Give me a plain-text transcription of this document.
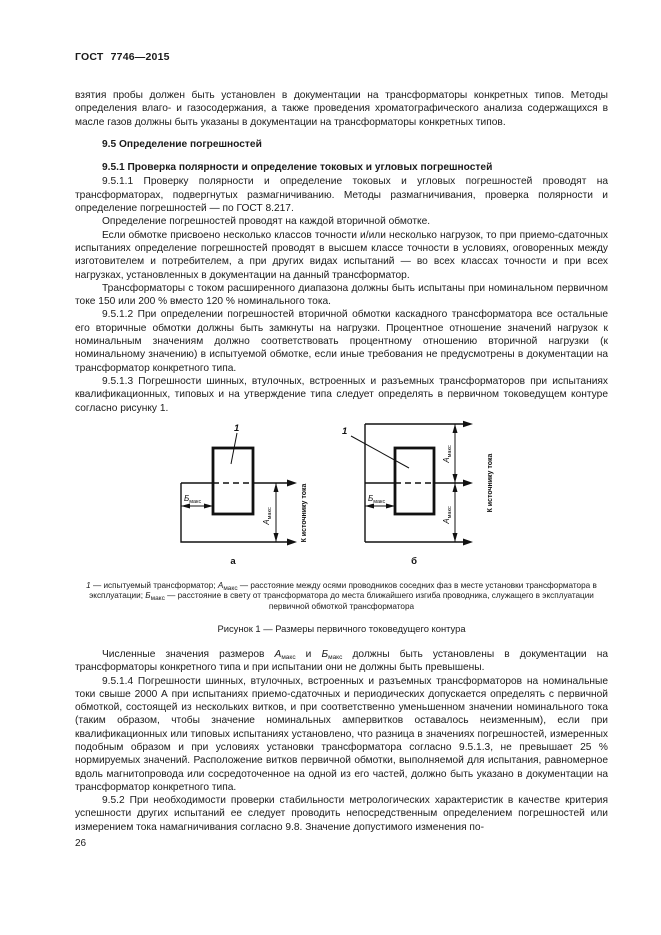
ГОСТ 7746—2015

взятия пробы должен быть установлен в документации на трансформаторы конкретных типов. Методы определения влаго- и газосодержания, а также проведения хроматографического анализа содержащихся в масле газов должны быть указаны в документации на трансформаторы конкретных типов.

9.5 Определение погрешностей

9.5.1 Проверка полярности и определение токовых и угловых погрешностей

9.5.1.1 Проверку полярности и определение токовых и угловых погрешностей проводят на трансформаторах, подвергнутых размагничиванию. Методы размагничивания, проверка полярности и определение погрешностей — по ГОСТ 8.217.

Определение погрешностей проводят на каждой вторичной обмотке.

Если обмотке присвоено несколько классов точности и/или несколько нагрузок, то при приемо-сдаточных испытаниях определение погрешностей проводят в высшем классе точности в условиях, оговоренных между изготовителем и потребителем, а при других видах испытаний — во всех классах точности и при всех нагрузках, установленных в документации на данный трансформатор.

Трансформаторы с током расширенного диапазона должны быть испытаны при номинальном первичном токе 150 или 200 % вместо 120 % номинального тока.

9.5.1.2 При определении погрешностей вторичной обмотки каскадного трансформатора все остальные его вторичные обмотки должны быть замкнуты на нагрузки. Процентное отношение значений нагрузок к номинальным значениям должно соответствовать процентному отношению вторичной нагрузки (к номинальному значению) в испытуемой обмотке, если иные требования не предусмотрены в документации на трансформатор конкретного типа.

9.5.1.3 Погрешности шинных, втулочных, встроенных и разъемных трансформаторов при испытаниях квалификационных, типовых и на утверждение типа следует определять в первичном токоведущем контуре согласно рисунку 1.

$Б_{макс}$
$А_{макс}$	К источнику тока
1
а
$А_{макс}$
$А_{макс}$
$Б_{макс}$	К источнику тока
1
б
1 — испытуемый трансформатор; $А_{макс}$ — расстояние между осями проводников соседних фаз в месте установки трансформатора в эксплуатации; $Б_{макс}$ — расстояние в свету от трансформатора до места ближайшего изгиба проводника, служащего в эксплуатации первичной обмоткой трансформатора
Рисунок 1 — Размеры первичного токоведущего контура

Численные значения размеров $А_{макс}$ и $Б_{макс}$ должны быть установлены в документации на трансформаторы конкретного типа и при испытании они не должны быть превышены.

9.5.1.4 Погрешности шинных, втулочных, встроенных и разъемных трансформаторов на номинальные токи свыше 2000 А при испытаниях приемо-сдаточных и периодических допускается определять с первичной обмоткой, состоящей из нескольких витков, и при соответственно уменьшенном значении номинального тока (таким образом, чтобы значение номинальных ампервитков оставалось неизменным), если при квалификационных или типовых испытаниях установлено, что разница в значениях погрешностей, измеренных подобным образом и при условиях установки трансформатора согласно 9.5.1.3, не превышает 25 % нормируемых значений. Расположение витков первичной обмотки, выполняемой для испытания, равномерное вдоль магнитопровода или сосредоточенное на одной из его частей, должно быть указано в документации на трансформатор конкретного типа.

9.5.2 При необходимости проверки стабильности метрологических характеристик в качестве критерия успешности других испытаний ее следует проводить непосредственным определением погрешностей или измерением тока намагничивания согласно 9.8. Значение допустимого изменения по-

26
